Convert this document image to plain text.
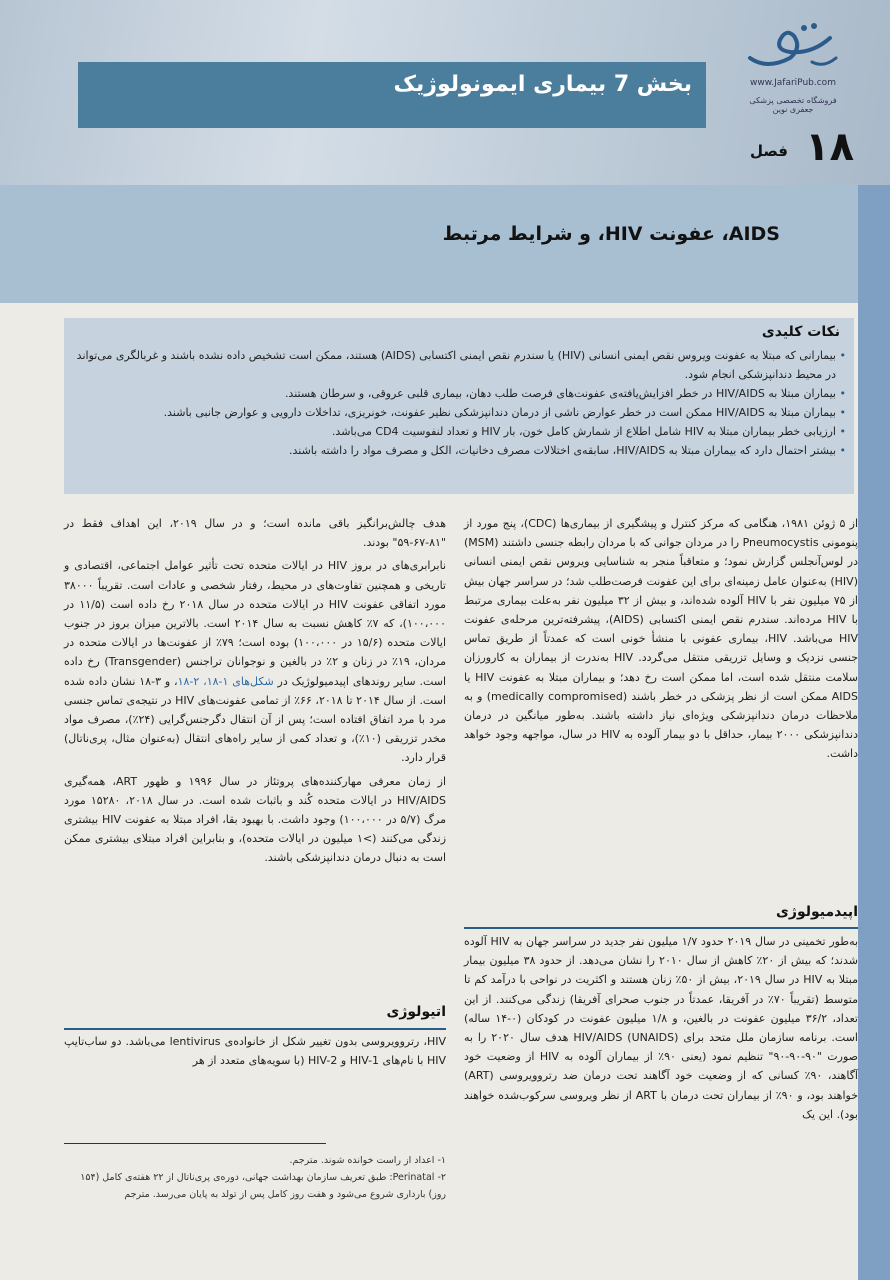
بخش 7 بیماری ایمونولوژیک	www.JafariPub.com
فروشگاه تخصصی پزشکی جعفری نوین
فصل ۱۸
AIDS، عفونت HIV، و شرایط مرتبط
نکات کلیدی
• بیمارانی که مبتلا به عفونت ویروس نقص ایمنی انسانی (HIV) یا سندرم نقص ایمنی اکتسابی (AIDS) هستند، ممکن است تشخیص داده نشده باشند و غربالگری می‌تواند در محیط دندانپزشکی انجام شود.
• بیماران مبتلا به HIV/AIDS در خطر افزایش‌یافته‌ی عفونت‌های فرصت طلب دهان، بیماری قلبی عروقی، و سرطان هستند.
• بیماران مبتلا به HIV/AIDS ممکن است در خطر عوارض ناشی از درمان دندانپزشکی نظیر عفونت، خونریزی، تداخلات دارویی و عوارض جانبی باشند.
• ارزیابی خطر بیماران مبتلا به HIV شامل اطلاع از شمارش کامل خون، بار HIV و تعداد لنفوسیت CD4 می‌باشد.
• بیشتر احتمال دارد که بیماران مبتلا به HIV/AIDS، سابقه‌ی اختلالات مصرف دخانیات، الکل و مصرف مواد را داشته باشند.

از ۵ ژوئن ۱۹۸۱، هنگامی که مرکز کنترل و پیشگیری از بیماری‌ها (CDC)، پنج مورد از پنومونی Pneumocystis را در مردان جوانی که با مردان رابطه جنسی داشتند (MSM) در لوس‌آنجلس گزارش نمود؛ و متعاقباً منجر به شناسایی ویروس نقص ایمنی انسانی (HIV) به‌عنوان عامل زمینه‌ای برای این عفونت فرصت‌طلب شد؛ در سراسر جهان بیش از ۷۵ میلیون نفر با HIV آلوده شده‌اند، و بیش از ۳۲ میلیون نفر به‌علت بیماری مرتبط با HIV مرده‌اند. سندرم نقص ایمنی اکتسابی (AIDS)، پیشرفته‌ترین مرحله‌ی عفونت HIV می‌باشد. HIV، بیماری عفونی با منشأ خونی است که عمدتاً از طریق تماس جنسی نزدیک و وسایل تزریقی منتقل می‌گردد. HIV به‌ندرت از بیماران به کارورزان سلامت منتقل شده است، اما ممکن است رخ دهد؛ و بیماران مبتلا به عفونت HIV یا AIDS ممکن است از نظر پزشکی در خطر باشند (medically compromised) و به ملاحظات درمان دندانپزشکی ویژه‌ای نیاز داشته باشند. به‌طور میانگین در درمان دندانپزشکی ۲۰۰۰ بیمار، حداقل با دو بیمار آلوده به HIV در سال، مواجهه وجود خواهد داشت.

اپیدمیولوژی

به‌طور تخمینی در سال ۲۰۱۹ حدود ۱/۷ میلیون نفر جدید در سراسر جهان به HIV آلوده شدند؛ که بیش از ۲۰٪ کاهش از سال ۲۰۱۰ را نشان می‌دهد. از حدود ۳۸ میلیون بیمار مبتلا به HIV در سال ۲۰۱۹، بیش از ۵۰٪ زنان هستند و اکثریت در نواحی با درآمد کم تا متوسط (تقریباً ۷۰٪ در آفریقا، عمدتاً در جنوب صحرای آفریقا) زندگی می‌کنند. از این تعداد، ۳۶/۲ میلیون عفونت در بالغین، و ۱/۸ میلیون عفونت در کودکان (۰-۱۴ ساله) است. برنامه سازمان ملل متحد برای HIV/AIDS (UNAIDS) هدف سال ۲۰۲۰ را به صورت "۹۰-۹۰-۹۰" تنظیم نمود (یعنی ۹۰٪ از بیماران آلوده به HIV از وضعیت خود آگاهند، ۹۰٪ کسانی که از وضعیت خود آگاهند تحت درمان ضد رتروویروسی (ART) خواهند بود، و ۹۰٪ از بیماران تحت درمان با ART از نظر ویروسی سرکوب‌شده خواهند بود). این یک

هدف چالش‌برانگیز باقی مانده است؛ و در سال ۲۰۱۹، این اهداف فقط در "۸۱-۶۷-۵۹" بودند.

نابرابری‌های در بروز HIV در ایالات متحده تحت تأثیر عوامل اجتماعی، اقتصادی و تاریخی و همچنین تفاوت‌های در محیط، رفتار شخصی و عادات است. تقریباً ۳۸۰۰۰ مورد اتفاقی عفونت HIV در ایالات متحده در سال ۲۰۱۸ رخ داده است (۱۱/۵ در ۱۰۰،۰۰۰)، که ۷٪ کاهش نسبت به سال ۲۰۱۴ است. بالاترین میزان بروز در جنوب ایالات متحده (۱۵/۶ در ۱۰۰،۰۰۰) بوده است؛ ۷۹٪ از عفونت‌ها در ایالات متحده در مردان، ۱۹٪ در زنان و ۲٪ در بالغین و نوجوانان تراجنس (Transgender) رخ داده است. سایر روندهای اپیدمیولوژیک در شکل‌های ۱-۱۸، ۲-۱۸، و ۳-۱۸ نشان داده شده است. از سال ۲۰۱۴ تا ۲۰۱۸، ۶۶٪ از تمامی عفونت‌های HIV در نتیجه‌ی تماس جنسی مرد با مرد اتفاق افتاده است؛ پس از آن انتقال دگرجنس‌گرایی (۲۴٪)، مصرف مواد مخدر تزریقی (۱۰٪)، و تعداد کمی از سایر راه‌های انتقال (به‌عنوان مثال، پری‌ناتال) قرار دارد.

از زمان معرفی مهارکننده‌های پروتئاز در سال ۱۹۹۶ و ظهور ART، همه‌گیری HIV/AIDS در ایالات متحده کُند و باثبات شده است. در سال ۲۰۱۸، ۱۵۲۸۰ مورد مرگ (۵/۷ در ۱۰۰،۰۰۰) وجود داشت. با بهبود بقا، افراد مبتلا به عفونت HIV بیشتری زندگی می‌کنند (>۱ میلیون در ایالات متحده)، و بنابراین افراد مبتلای بیشتری ممکن است به دنبال درمان دندانپزشکی باشند.

اتیولوژی

HIV، رتروویروسی بدون تغییر شکل از خانواده‌ی lentivirus می‌باشد. دو ساب‌تایپ HIV با نام‌های HIV-1 و HIV-2 (با سویه‌های متعدد از هر

۱- اعداد از راست خوانده شوند. مترجم.
۲- Perinatal: طبق تعریف سازمان بهداشت جهانی، دوره‌ی پری‌ناتال از ۲۲ هفته‌ی کامل (۱۵۴ روز) بارداری شروع می‌شود و هفت روز کامل پس از تولد به پایان می‌رسد. مترجم
